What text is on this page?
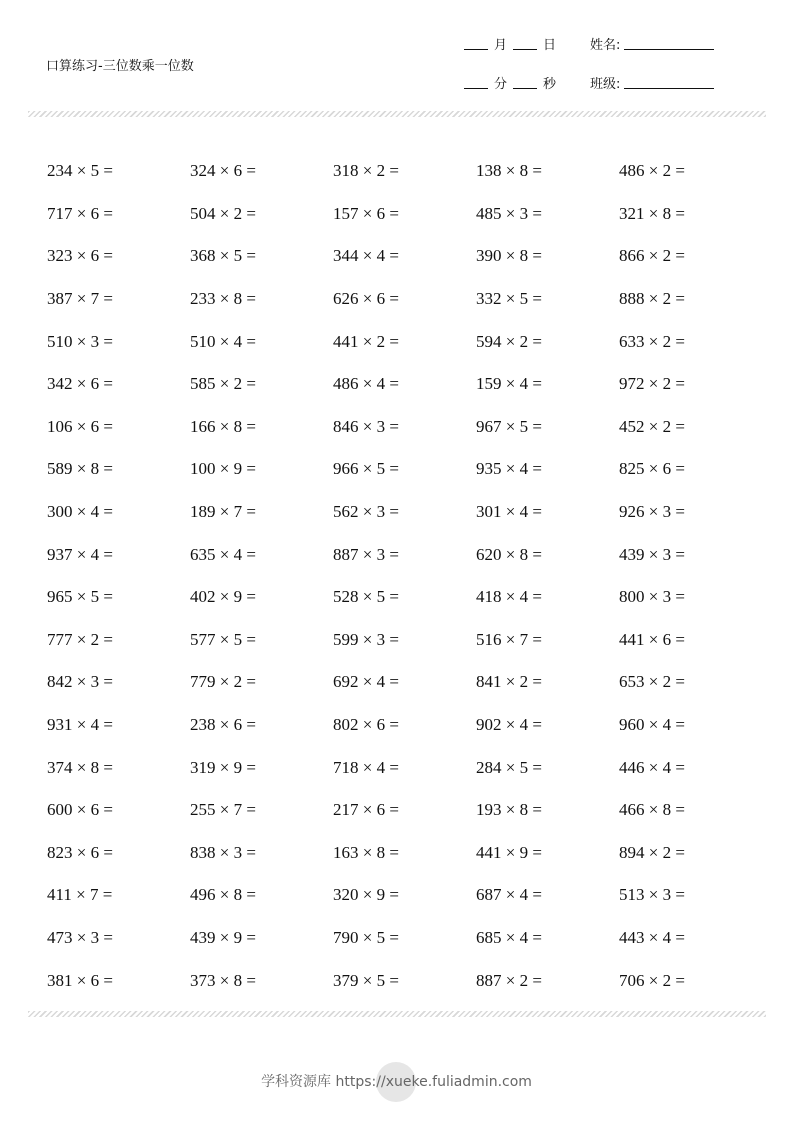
口算练习-三位数乘一位数
月	日	姓名:
分	秒	班级:
234 × 5 =	324 × 6 =	318 × 2 =	138 × 8 =	486 × 2 =
717 × 6 =	504 × 2 =	157 × 6 =	485 × 3 =	321 × 8 =
323 × 6 =	368 × 5 =	344 × 4 =	390 × 8 =	866 × 2 =
387 × 7 =	233 × 8 =	626 × 6 =	332 × 5 =	888 × 2 =
510 × 3 =	510 × 4 =	441 × 2 =	594 × 2 =	633 × 2 =
342 × 6 =	585 × 2 =	486 × 4 =	159 × 4 =	972 × 2 =
106 × 6 =	166 × 8 =	846 × 3 =	967 × 5 =	452 × 2 =
589 × 8 =	100 × 9 =	966 × 5 =	935 × 4 =	825 × 6 =
300 × 4 =	189 × 7 =	562 × 3 =	301 × 4 =	926 × 3 =
937 × 4 =	635 × 4 =	887 × 3 =	620 × 8 =	439 × 3 =
965 × 5 =	402 × 9 =	528 × 5 =	418 × 4 =	800 × 3 =
777 × 2 =	577 × 5 =	599 × 3 =	516 × 7 =	441 × 6 =
842 × 3 =	779 × 2 =	692 × 4 =	841 × 2 =	653 × 2 =
931 × 4 =	238 × 6 =	802 × 6 =	902 × 4 =	960 × 4 =
374 × 8 =	319 × 9 =	718 × 4 =	284 × 5 =	446 × 4 =
600 × 6 =	255 × 7 =	217 × 6 =	193 × 8 =	466 × 8 =
823 × 6 =	838 × 3 =	163 × 8 =	441 × 9 =	894 × 2 =
411 × 7 =	496 × 8 =	320 × 9 =	687 × 4 =	513 × 3 =
473 × 3 =	439 × 9 =	790 × 5 =	685 × 4 =	443 × 4 =
381 × 6 =	373 × 8 =	379 × 5 =	887 × 2 =	706 × 2 =
学科资源库 https://xueke.fuliadmin.com
